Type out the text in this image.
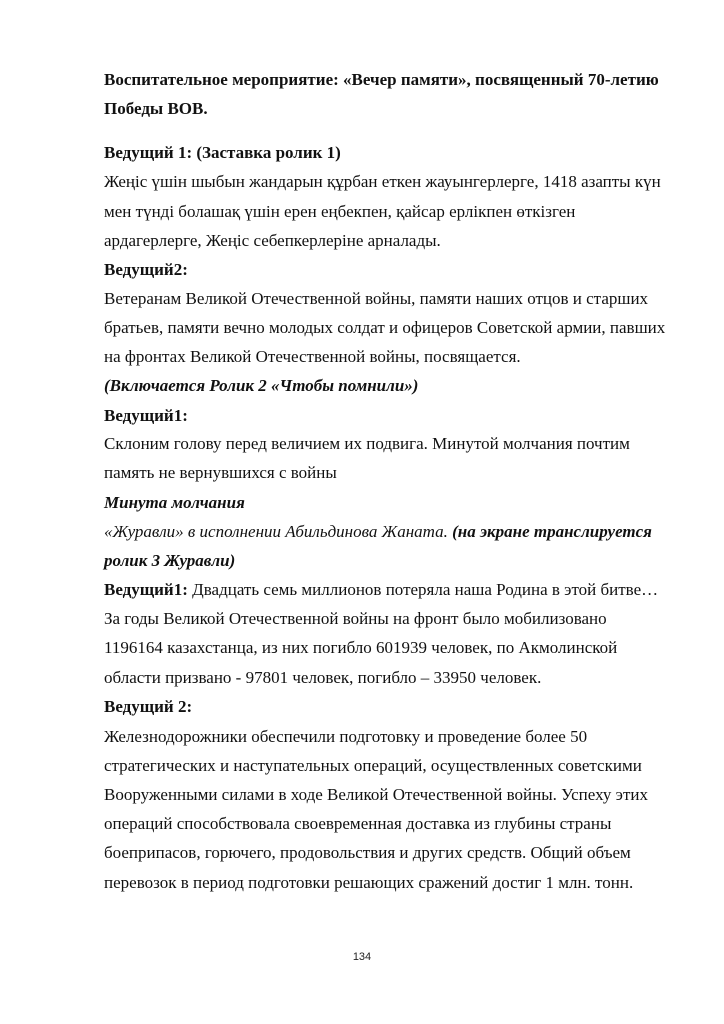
Воспитательное мероприятие: «Вечер памяти», посвященный 70-летию
Победы ВОВ.
Ведущий 1: (Заставка ролик 1)
Жеңіс үшін шыбын жандарын құрбан еткен жауынгерлерге, 1418 азапты күн
мен түнді болашақ үшін ерен еңбекпен, қайсар ерлікпен өткізген
ардагерлерге, Жеңіс себепкерлеріне арналады.
Ведущий2:
Ветеранам Великой Отечественной войны, памяти наших отцов и старших
братьев, памяти вечно молодых солдат и офицеров Советской армии, павших
на фронтах Великой Отечественной войны, посвящается.
(Включается Ролик 2 «Чтобы помнили»)
Ведущий1:
Склоним голову перед величием их подвига. Минутой молчания почтим
память не вернувшихся с войны
Минута молчания
«Журавли» в исполнении Абильдинова Жаната. (на экране транслируется
ролик 3 Журавли)
Ведущий1: Двадцать семь миллионов потеряла наша Родина в этой битве…
За годы Великой Отечественной войны на фронт было мобилизовано
1196164 казахстанца, из них погибло 601939 человек, по Акмолинской
области призвано - 97801 человек, погибло – 33950 человек.
Ведущий 2:
Железнодорожники обеспечили подготовку и проведение более 50
стратегических и наступательных операций, осуществленных советскими
Вооруженными силами в ходе Великой Отечественной войны. Успеху этих
операций способствовала своевременная доставка из глубины страны
боеприпасов, горючего, продовольствия и других средств. Общий объем
перевозок в период подготовки решающих сражений достиг 1 млн. тонн.
134
